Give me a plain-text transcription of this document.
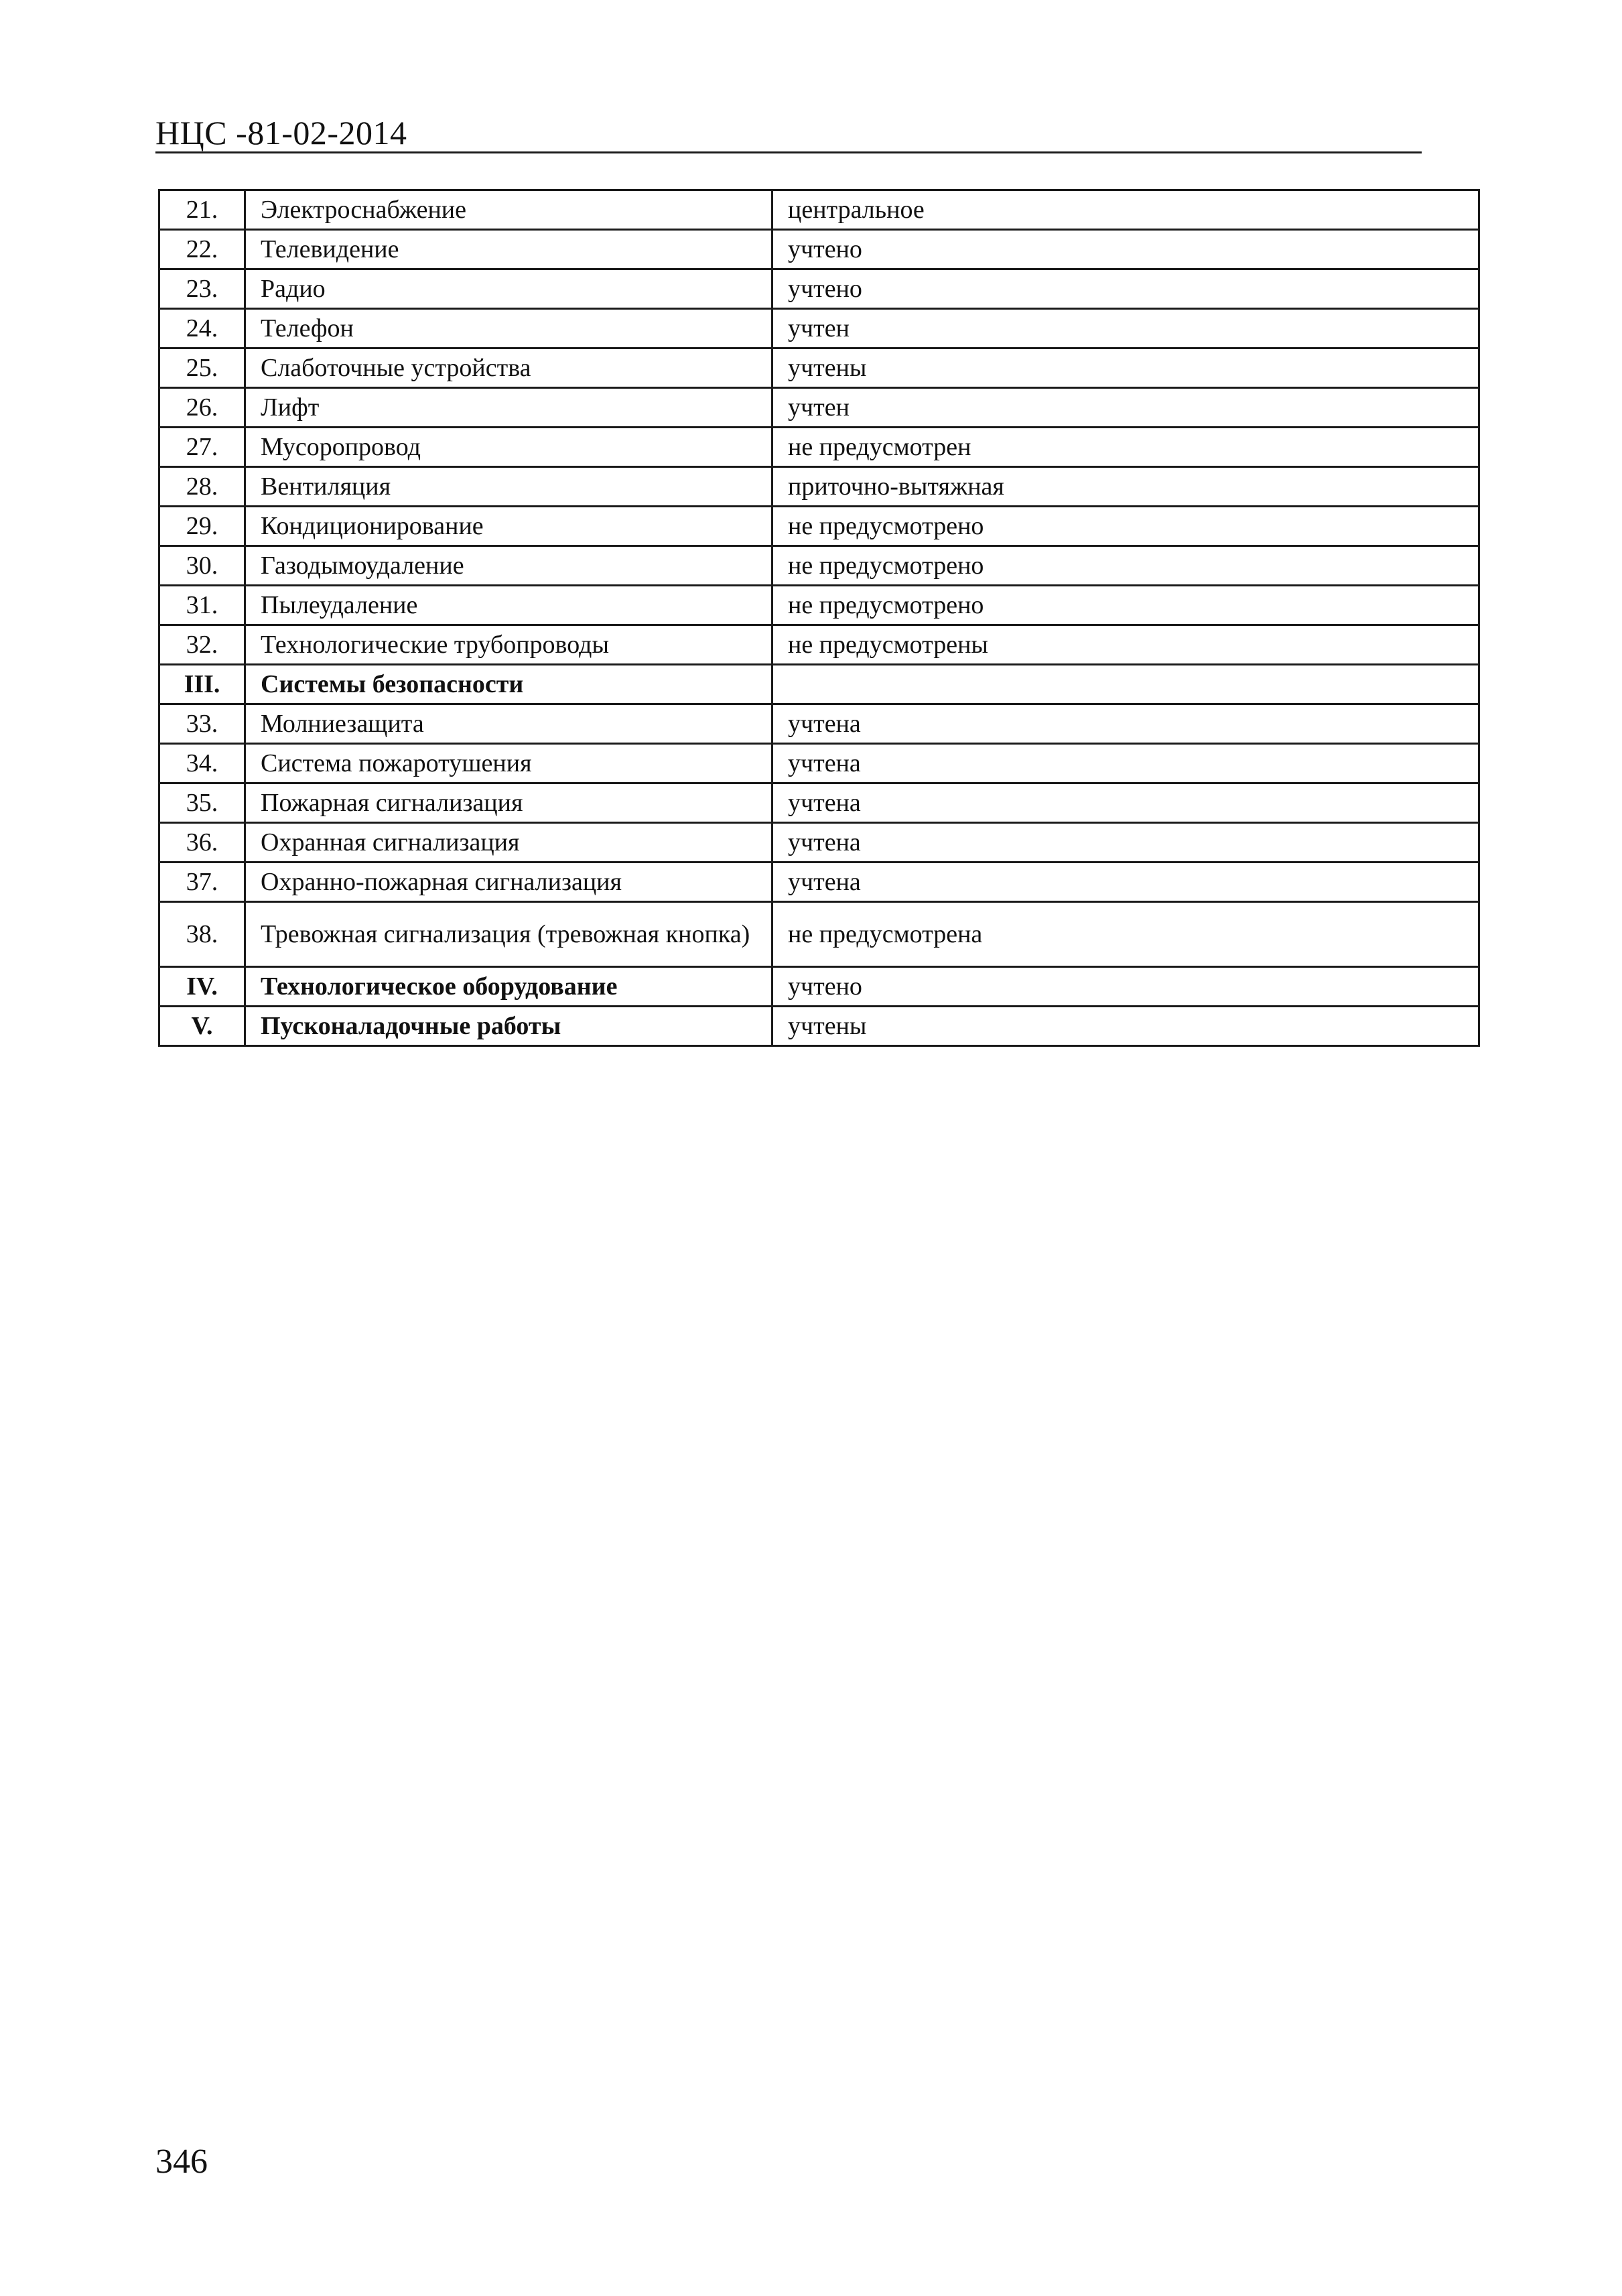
НЦС -81-02-2014
21.	Электроснабжение	центральное
22.	Телевидение	учтено
23.	Радио	учтено
24.	Телефон	учтен
25.	Слаботочные устройства	учтены
26.	Лифт	учтен
27.	Мусоропровод	не предусмотрен
28.	Вентиляция	приточно-вытяжная
29.	Кондиционирование	не предусмотрено
30.	Газодымоудаление	не предусмотрено
31.	Пылеудаление	не предусмотрено
32.	Технологические трубопроводы	не предусмотрены
III.	Системы безопасности	
33.	Молниезащита	учтена
34.	Система пожаротушения	учтена
35.	Пожарная сигнализация	учтена
36.	Охранная сигнализация	учтена
37.	Охранно-пожарная сигнализация	учтена
38.	Тревожная сигнализация (тревожная кнопка)	не предусмотрена
IV.	Технологическое оборудование	учтено
V.	Пусконаладочные работы	учтены
346
